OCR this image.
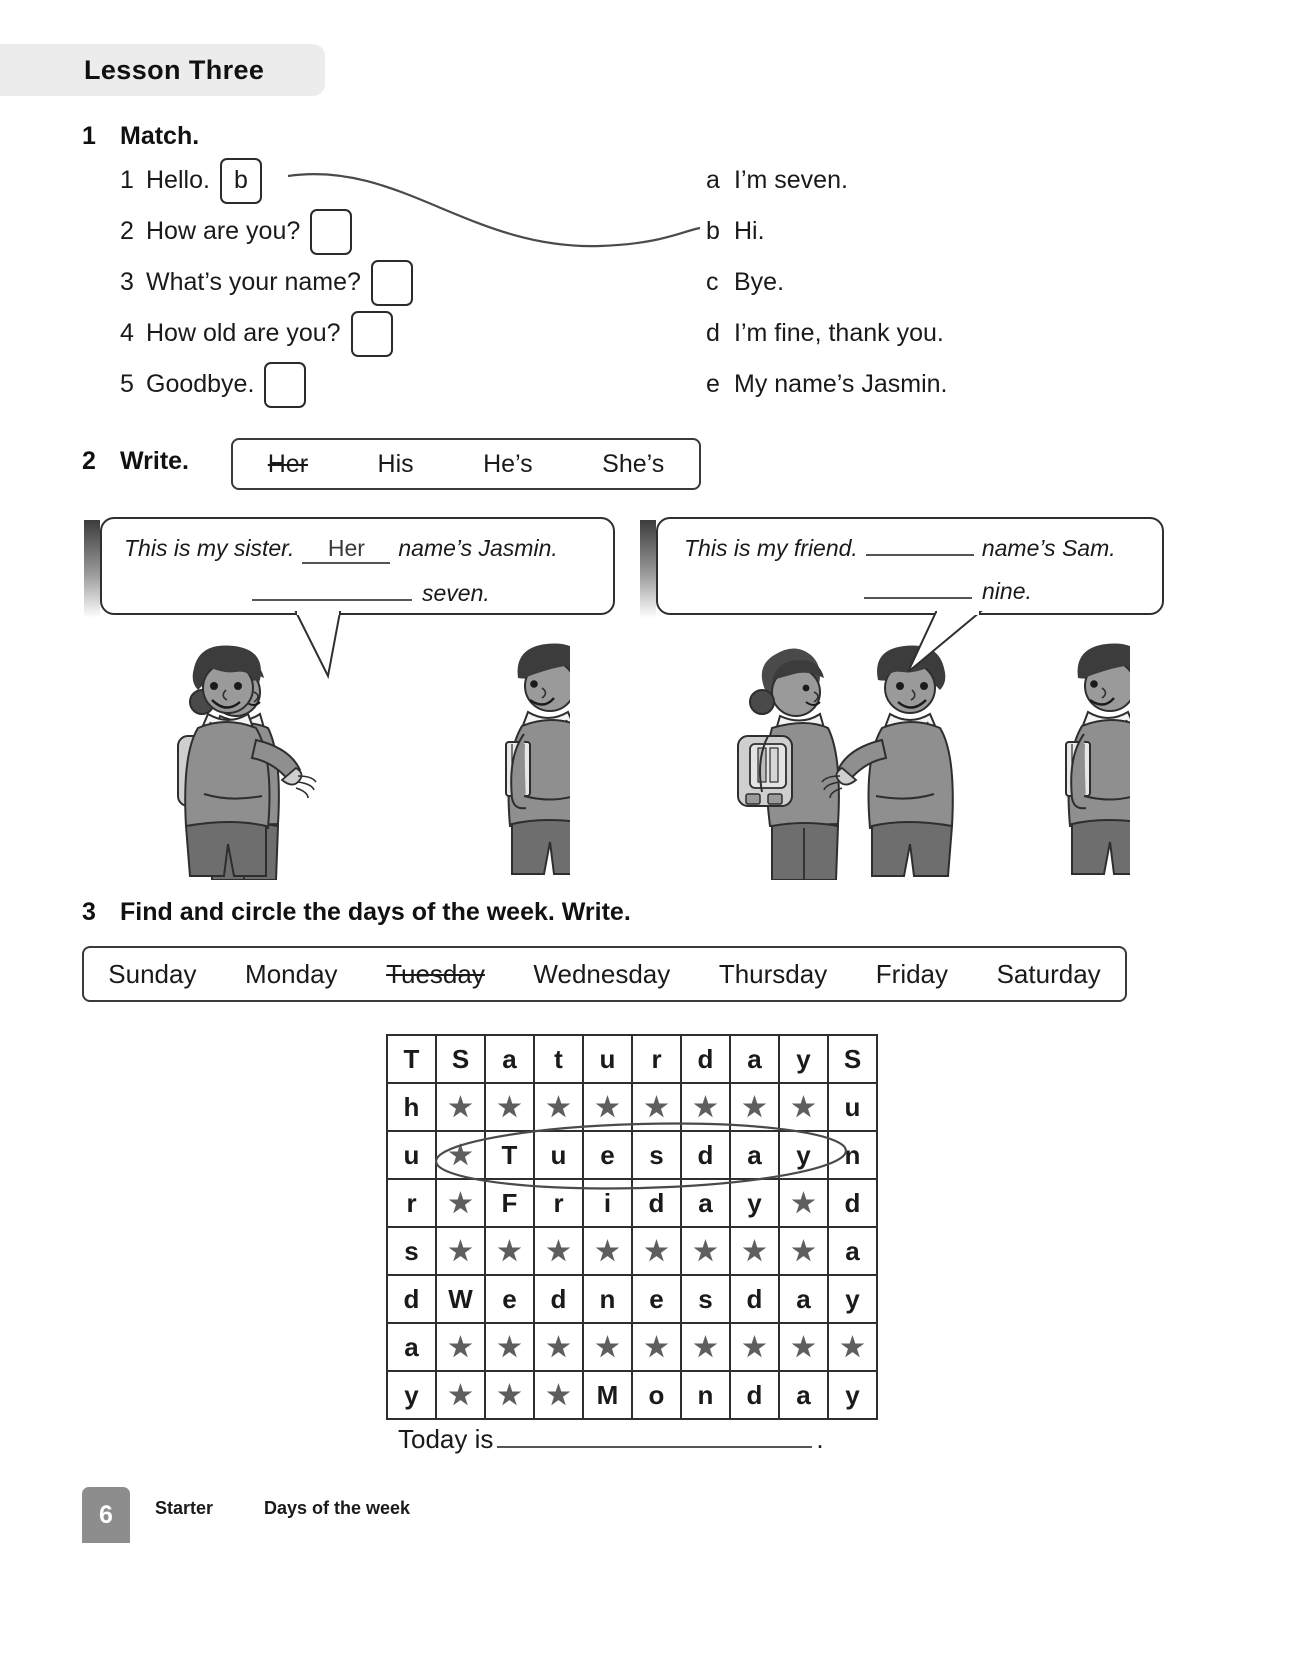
Lesson Three
1 Match.
1 Hello. b
2 How are you?
3 What’s your name?
4 How old are you?
5 Goodbye.
a I’m seven.
b Hi.
c Bye.
d I’m fine, thank you.
e My name’s Jasmin.
2 Write.	Her	His	He’s	She’s
This is my sister.	Her	name’s Jasmin.
seven.
This is my friend.	name’s Sam.
nine.
3 Find and circle the days of the week. Write.
Sunday Monday Tuesday Wednesday Thursday Friday Saturday
T	S	a	t	u	r	d	a	y	S
h	★	★	★	★	★	★	★	★	u
u	★	T	u	e	s	d	a	y	n
r	★	F	r	i	d	a	y	★	d
s	★	★	★	★	★	★	★	★	a
d	W	e	d	n	e	s	d	a	y
a	★	★	★	★	★	★	★	★	★
y	★	★	★	M	o	n	d	a	y
Today is	.
6 Starter	Days of the week
